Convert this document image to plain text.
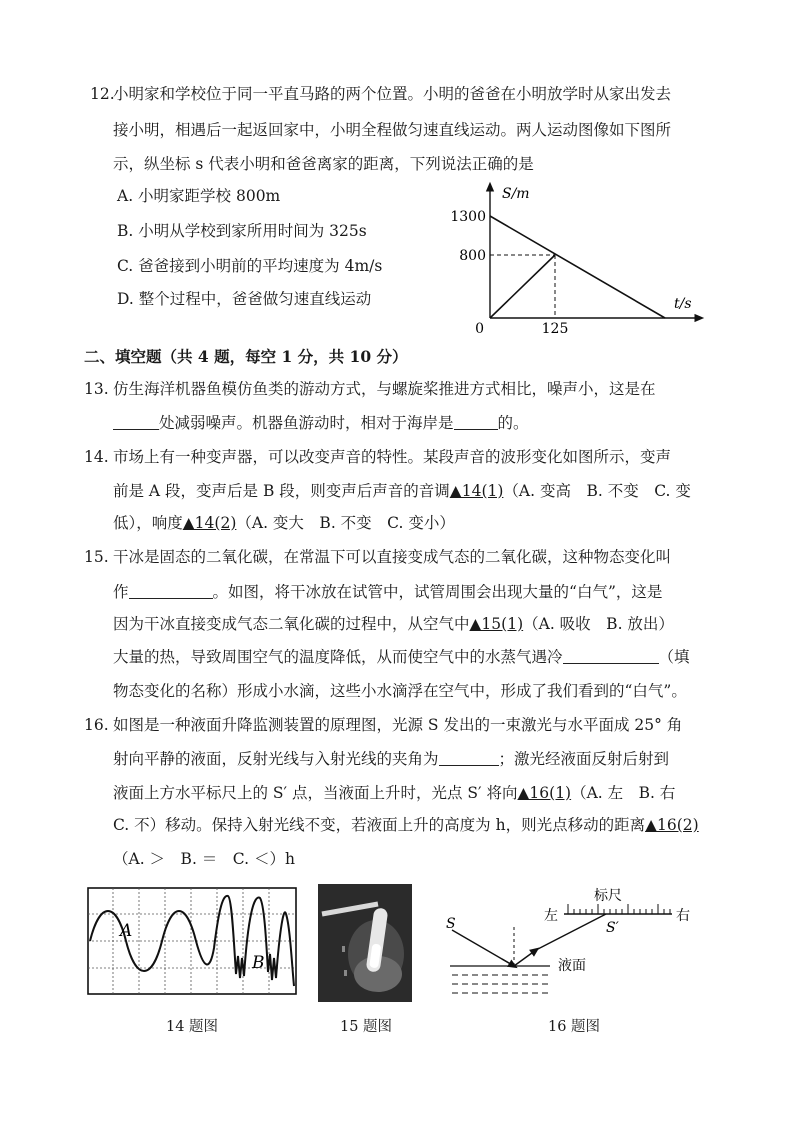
12.
小明家和学校位于同一平直马路的两个位置。小明的爸爸在小明放学时从家出发去
接小明，相遇后一起返回家中，小明全程做匀速直线运动。两人运动图像如下图所
示，纵坐标 s 代表小明和爸爸离家的距离，下列说法正确的是
A. 小明家距学校 800m
B. 小明从学校到家所用时间为 325s
C. 爸爸接到小明前的平均速度为 4m/s
D. 整个过程中，爸爸做匀速直线运动
S/m
t/s
0
1300
800
125
二、填空题（共 4 题，每空 1 分，共 10 分）
13. 仿生海洋机器鱼模仿鱼类的游动方式，与螺旋桨推进方式相比，噪声小，这是在
处减弱噪声。机器鱼游动时，相对于海岸是	的。
14. 市场上有一种变声器，可以改变声音的特性。某段声音的波形变化如图所示，变声
前是 A 段，变声后是 B 段，则变声后声音的音调▲14(1)（A. 变高　B. 不变　C. 变
低），响度▲14(2)（A. 变大　B. 不变　C. 变小）
15. 干冰是固态的二氧化碳，在常温下可以直接变成气态的二氧化碳，这种物态变化叫
作	。如图，将干冰放在试管中，试管周围会出现大量的“白气”，这是
因为干冰直接变成气态二氧化碳的过程中，从空气中▲15(1)（A. 吸收　B. 放出）
大量的热，导致周围空气的温度降低，从而使空气中的水蒸气遇冷	（填
物态变化的名称）形成小水滴，这些小水滴浮在空气中，形成了我们看到的“白气”。
16. 如图是一种液面升降监测装置的原理图，光源 S 发出的一束激光与水平面成 25° 角
射向平静的液面，反射光线与入射光线的夹角为	；激光经液面反射后射到
液面上方水平标尺上的 S′ 点，当液面上升时，光点 S′ 将向▲16(1)（A. 左　B. 右
C. 不）移动。保持入射光线不变，若液面上升的高度为 h，则光点移动的距离▲16(2)
（A. ＞　B. ＝　C. ＜）h
A
B
S	S′
标尺
左	右
液面
14 题图	15 题图	16 题图
